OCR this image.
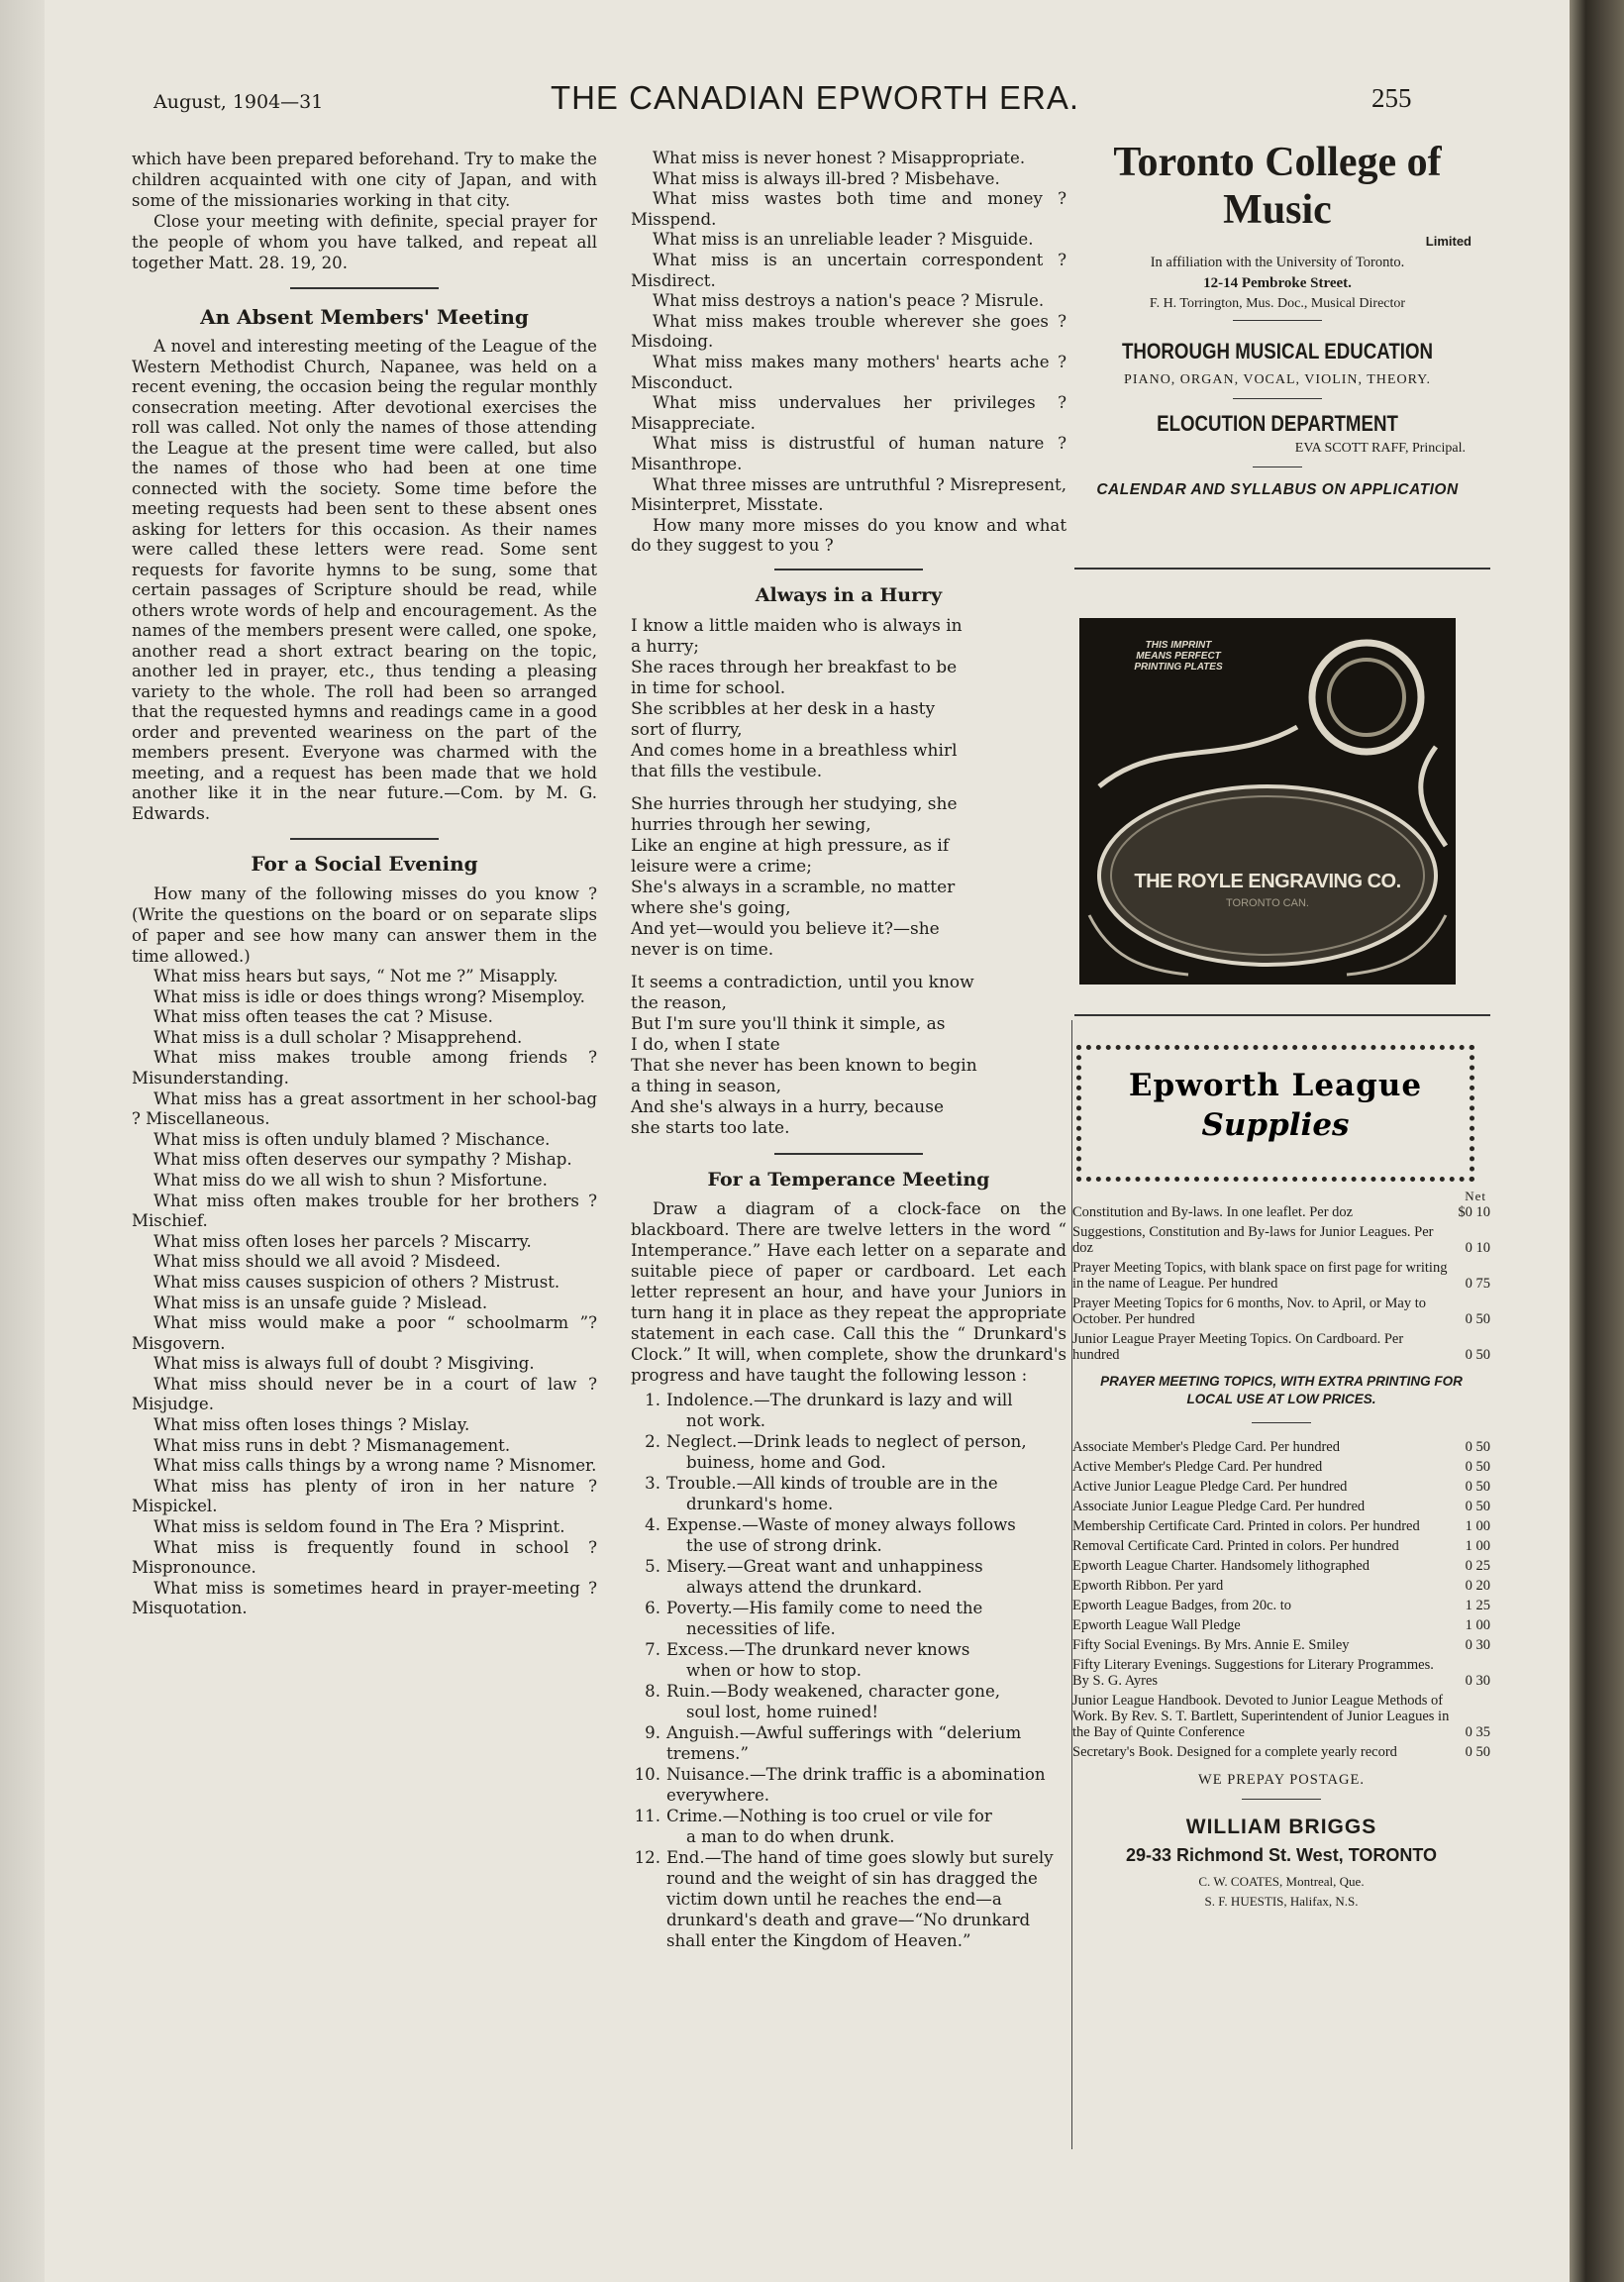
August, 1904—31	THE CANADIAN EPWORTH ERA.	255

which have been prepared beforehand. Try to make the children acquainted with one city of Japan, and with some of the missionaries working in that city.

Close your meeting with definite, special prayer for the people of whom you have talked, and repeat all together Matt. 28. 19, 20.

An Absent Members' Meeting

A novel and interesting meeting of the League of the Western Methodist Church, Napanee, was held on a recent evening, the occasion being the regular monthly consecration meeting. After devotional exercises the roll was called. Not only the names of those attending the League at the present time were called, but also the names of those who had been at one time connected with the society. Some time before the meeting requests had been sent to these absent ones asking for letters for this occasion. As their names were called these letters were read. Some sent requests for favorite hymns to be sung, some that certain passages of Scripture should be read, while others wrote words of help and encouragement. As the names of the members present were called, one spoke, another read a short extract bearing on the topic, another led in prayer, etc., thus tending a pleasing variety to the whole. The roll had been so arranged that the requested hymns and readings came in a good order and prevented weariness on the part of the members present. Everyone was charmed with the meeting, and a request has been made that we hold another like it in the near future.—Com. by M. G. Edwards.

For a Social Evening

How many of the following misses do you know ? (Write the questions on the board or on separate slips of paper and see how many can answer them in the time allowed.)

What miss hears but says, “ Not me ?” Misapply.

What miss is idle or does things wrong? Misemploy.

What miss often teases the cat ? Misuse.

What miss is a dull scholar ? Misapprehend.

What miss makes trouble among friends ? Misunderstanding.

What miss has a great assortment in her school-bag ? Miscellaneous.

What miss is often unduly blamed ? Mischance.

What miss often deserves our sympathy ? Mishap.

What miss do we all wish to shun ? Misfortune.

What miss often makes trouble for her brothers ? Mischief.

What miss often loses her parcels ? Miscarry.

What miss should we all avoid ? Misdeed.

What miss causes suspicion of others ? Mistrust.

What miss is an unsafe guide ? Mislead.

What miss would make a poor “ schoolmarm ”? Misgovern.

What miss is always full of doubt ? Misgiving.

What miss should never be in a court of law ? Misjudge.

What miss often loses things ? Mislay.

What miss runs in debt ? Mismanagement.

What miss calls things by a wrong name ? Misnomer.

What miss has plenty of iron in her nature ? Mispickel.

What miss is seldom found in The Era ? Misprint.

What miss is frequently found in school ? Mispronounce.

What miss is sometimes heard in prayer-meeting ? Misquotation.

What miss is never honest ? Misappropriate.

What miss is always ill-bred ? Misbehave.

What miss wastes both time and money ? Misspend.

What miss is an unreliable leader ? Misguide.

What miss is an uncertain correspondent ? Misdirect.

What miss destroys a nation's peace ? Misrule.

What miss makes trouble wherever she goes ? Misdoing.

What miss makes many mothers' hearts ache ? Misconduct.

What miss undervalues her privileges ? Misappreciate.

What miss is distrustful of human nature ? Misanthrope.

What three misses are untruthful ? Misrepresent, Misinterpret, Misstate.

How many more misses do you know and what do they suggest to you ?

Always in a Hurry

I know a little maiden who is always in
a hurry;
She races through her breakfast to be
in time for school.
She scribbles at her desk in a hasty
sort of flurry,
And comes home in a breathless whirl
that fills the vestibule.
She hurries through her studying, she
hurries through her sewing,
Like an engine at high pressure, as if
leisure were a crime;
She's always in a scramble, no matter
where she's going,
And yet—would you believe it?—she
never is on time.
It seems a contradiction, until you know
the reason,
But I'm sure you'll think it simple, as
I do, when I state
That she never has been known to begin
a thing in season,
And she's always in a hurry, because
she starts too late.

For a Temperance Meeting

Draw a diagram of a clock-face on the blackboard. There are twelve letters in the word “ Intemperance.” Have each letter on a separate and suitable piece of paper or cardboard. Let each letter represent an hour, and have your Juniors in turn hang it in place as they repeat the appropriate statement in each case. Call this the “ Drunkard's Clock.” It will, when complete, show the drunkard's progress and have taught the following lesson :

1. Indolence.—The drunkard is lazy and will
not work.
2. Neglect.—Drink leads to neglect of person,
buiness, home and God.
3. Trouble.—All kinds of trouble are in the
drunkard's home.
4. Expense.—Waste of money always follows
the use of strong drink.
5. Misery.—Great want and unhappiness
always attend the drunkard.
6. Poverty.—His family come to need the
necessities of life.
7. Excess.—The drunkard never knows
when or how to stop.
8. Ruin.—Body weakened, character gone,
soul lost, home ruined!
9. Anguish.—Awful sufferings with “delerium tremens.”
10. Nuisance.—The drink traffic is a abomination everywhere.
11. Crime.—Nothing is too cruel or vile for
a man to do when drunk.
12. End.—The hand of time goes slowly but surely round and the weight of sin has dragged the victim down until he reaches the end—a drunkard's death and grave—“No drunkard shall enter the Kingdom of Heaven.”
Toronto College of Music
Limited
In affiliation with the University of Toronto.
12-14 Pembroke Street.
F. H. Torrington, Mus. Doc., Musical Director
THOROUGH MUSICAL EDUCATION
PIANO, ORGAN, VOCAL, VIOLIN, THEORY.
ELOCUTION DEPARTMENT
EVA SCOTT RAFF, Principal.
CALENDAR AND SYLLABUS ON APPLICATION
THIS IMPRINT MEANS PERFECT PRINTING PLATES
THE ROYLE ENGRAVING CO.
TORONTO CAN.
Epworth League
Supplies
Net
Constitution and By-laws. In one leaflet. Per doz	$0 10
Suggestions, Constitution and By-laws for Junior Leagues. Per doz	0 10
Prayer Meeting Topics, with blank space on first page for writing in the name of League. Per hundred	0 75
Prayer Meeting Topics for 6 months, Nov. to April, or May to October. Per hundred	0 50
Junior League Prayer Meeting Topics. On Cardboard. Per hundred	0 50
PRAYER MEETING TOPICS, WITH EXTRA PRINTING FOR LOCAL USE AT LOW PRICES.
Associate Member's Pledge Card. Per hundred	0 50
Active Member's Pledge Card. Per hundred	0 50
Active Junior League Pledge Card. Per hundred	0 50
Associate Junior League Pledge Card. Per hundred	0 50
Membership Certificate Card. Printed in colors. Per hundred	1 00
Removal Certificate Card. Printed in colors. Per hundred	1 00
Epworth League Charter. Handsomely lithographed	0 25
Epworth Ribbon. Per yard	0 20
Epworth League Badges, from 20c. to	1 25
Epworth League Wall Pledge	1 00
Fifty Social Evenings. By Mrs. Annie E. Smiley	0 30
Fifty Literary Evenings. Suggestions for Literary Programmes. By S. G. Ayres	0 30
Junior League Handbook. Devoted to Junior League Methods of Work. By Rev. S. T. Bartlett, Superintendent of Junior Leagues in the Bay of Quinte Conference	0 35
Secretary's Book. Designed for a complete yearly record	0 50
WE PREPAY POSTAGE.
WILLIAM BRIGGS
29-33 Richmond St. West, TORONTO
C. W. COATES, Montreal, Que.
S. F. HUESTIS, Halifax, N.S.
